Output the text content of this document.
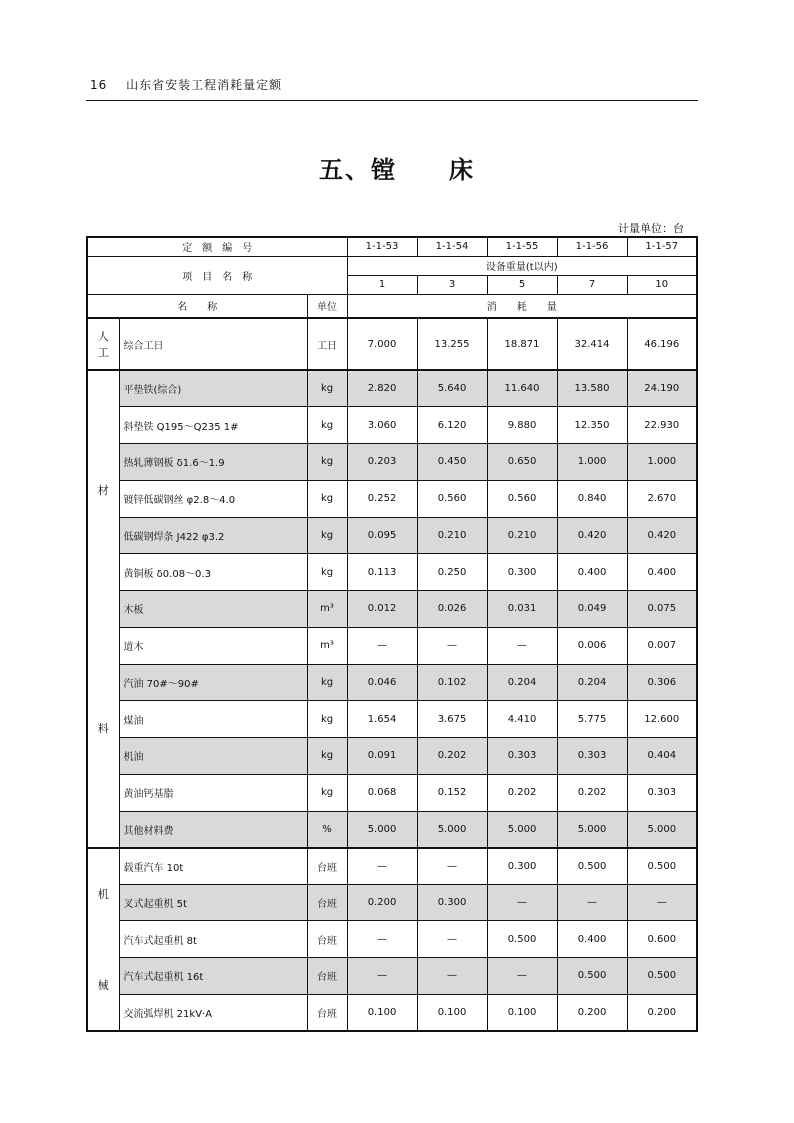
16 山东省安装工程消耗量定额
五、镗　　床
计量单位：台
定　额　编　号			1-1-53	1-1-54	1-1-55	1-1-56	1-1-57
项　目　名　称			设备重量(t以内)				
			1	3	5	7	10
名　　称		单位	消　　耗　　量				

人
工	综合工日	工日	7.000	13.255	18.871	32.414	46.196

材
料	平垫铁(综合)	kg	2.820	5.640	11.640	13.580	24.190
	斜垫铁 Q195～Q235 1#	kg	3.060	6.120	9.880	12.350	22.930
	热轧薄钢板 δ1.6～1.9	kg	0.203	0.450	0.650	1.000	1.000
	镀锌低碳钢丝 φ2.8～4.0	kg	0.252	0.560	0.560	0.840	2.670
	低碳钢焊条 J422 φ3.2	kg	0.095	0.210	0.210	0.420	0.420
	黄铜板 δ0.08～0.3	kg	0.113	0.250	0.300	0.400	0.400
	木板	m³	0.012	0.026	0.031	0.049	0.075
	道木	m³	—	—	—	0.006	0.007
	汽油 70#～90#	kg	0.046	0.102	0.204	0.204	0.306
	煤油	kg	1.654	3.675	4.410	5.775	12.600
	机油	kg	0.091	0.202	0.303	0.303	0.404
	黄油钙基脂	kg	0.068	0.152	0.202	0.202	0.303
	其他材料费	%	5.000	5.000	5.000	5.000	5.000

机
械	载重汽车 10t	台班	—	—	0.300	0.500	0.500
	叉式起重机 5t	台班	0.200	0.300	—	—	—
	汽车式起重机 8t	台班	—	—	0.500	0.400	0.600
	汽车式起重机 16t	台班	—	—	—	0.500	0.500
	交流弧焊机 21kV·A	台班	0.100	0.100	0.100	0.200	0.200
